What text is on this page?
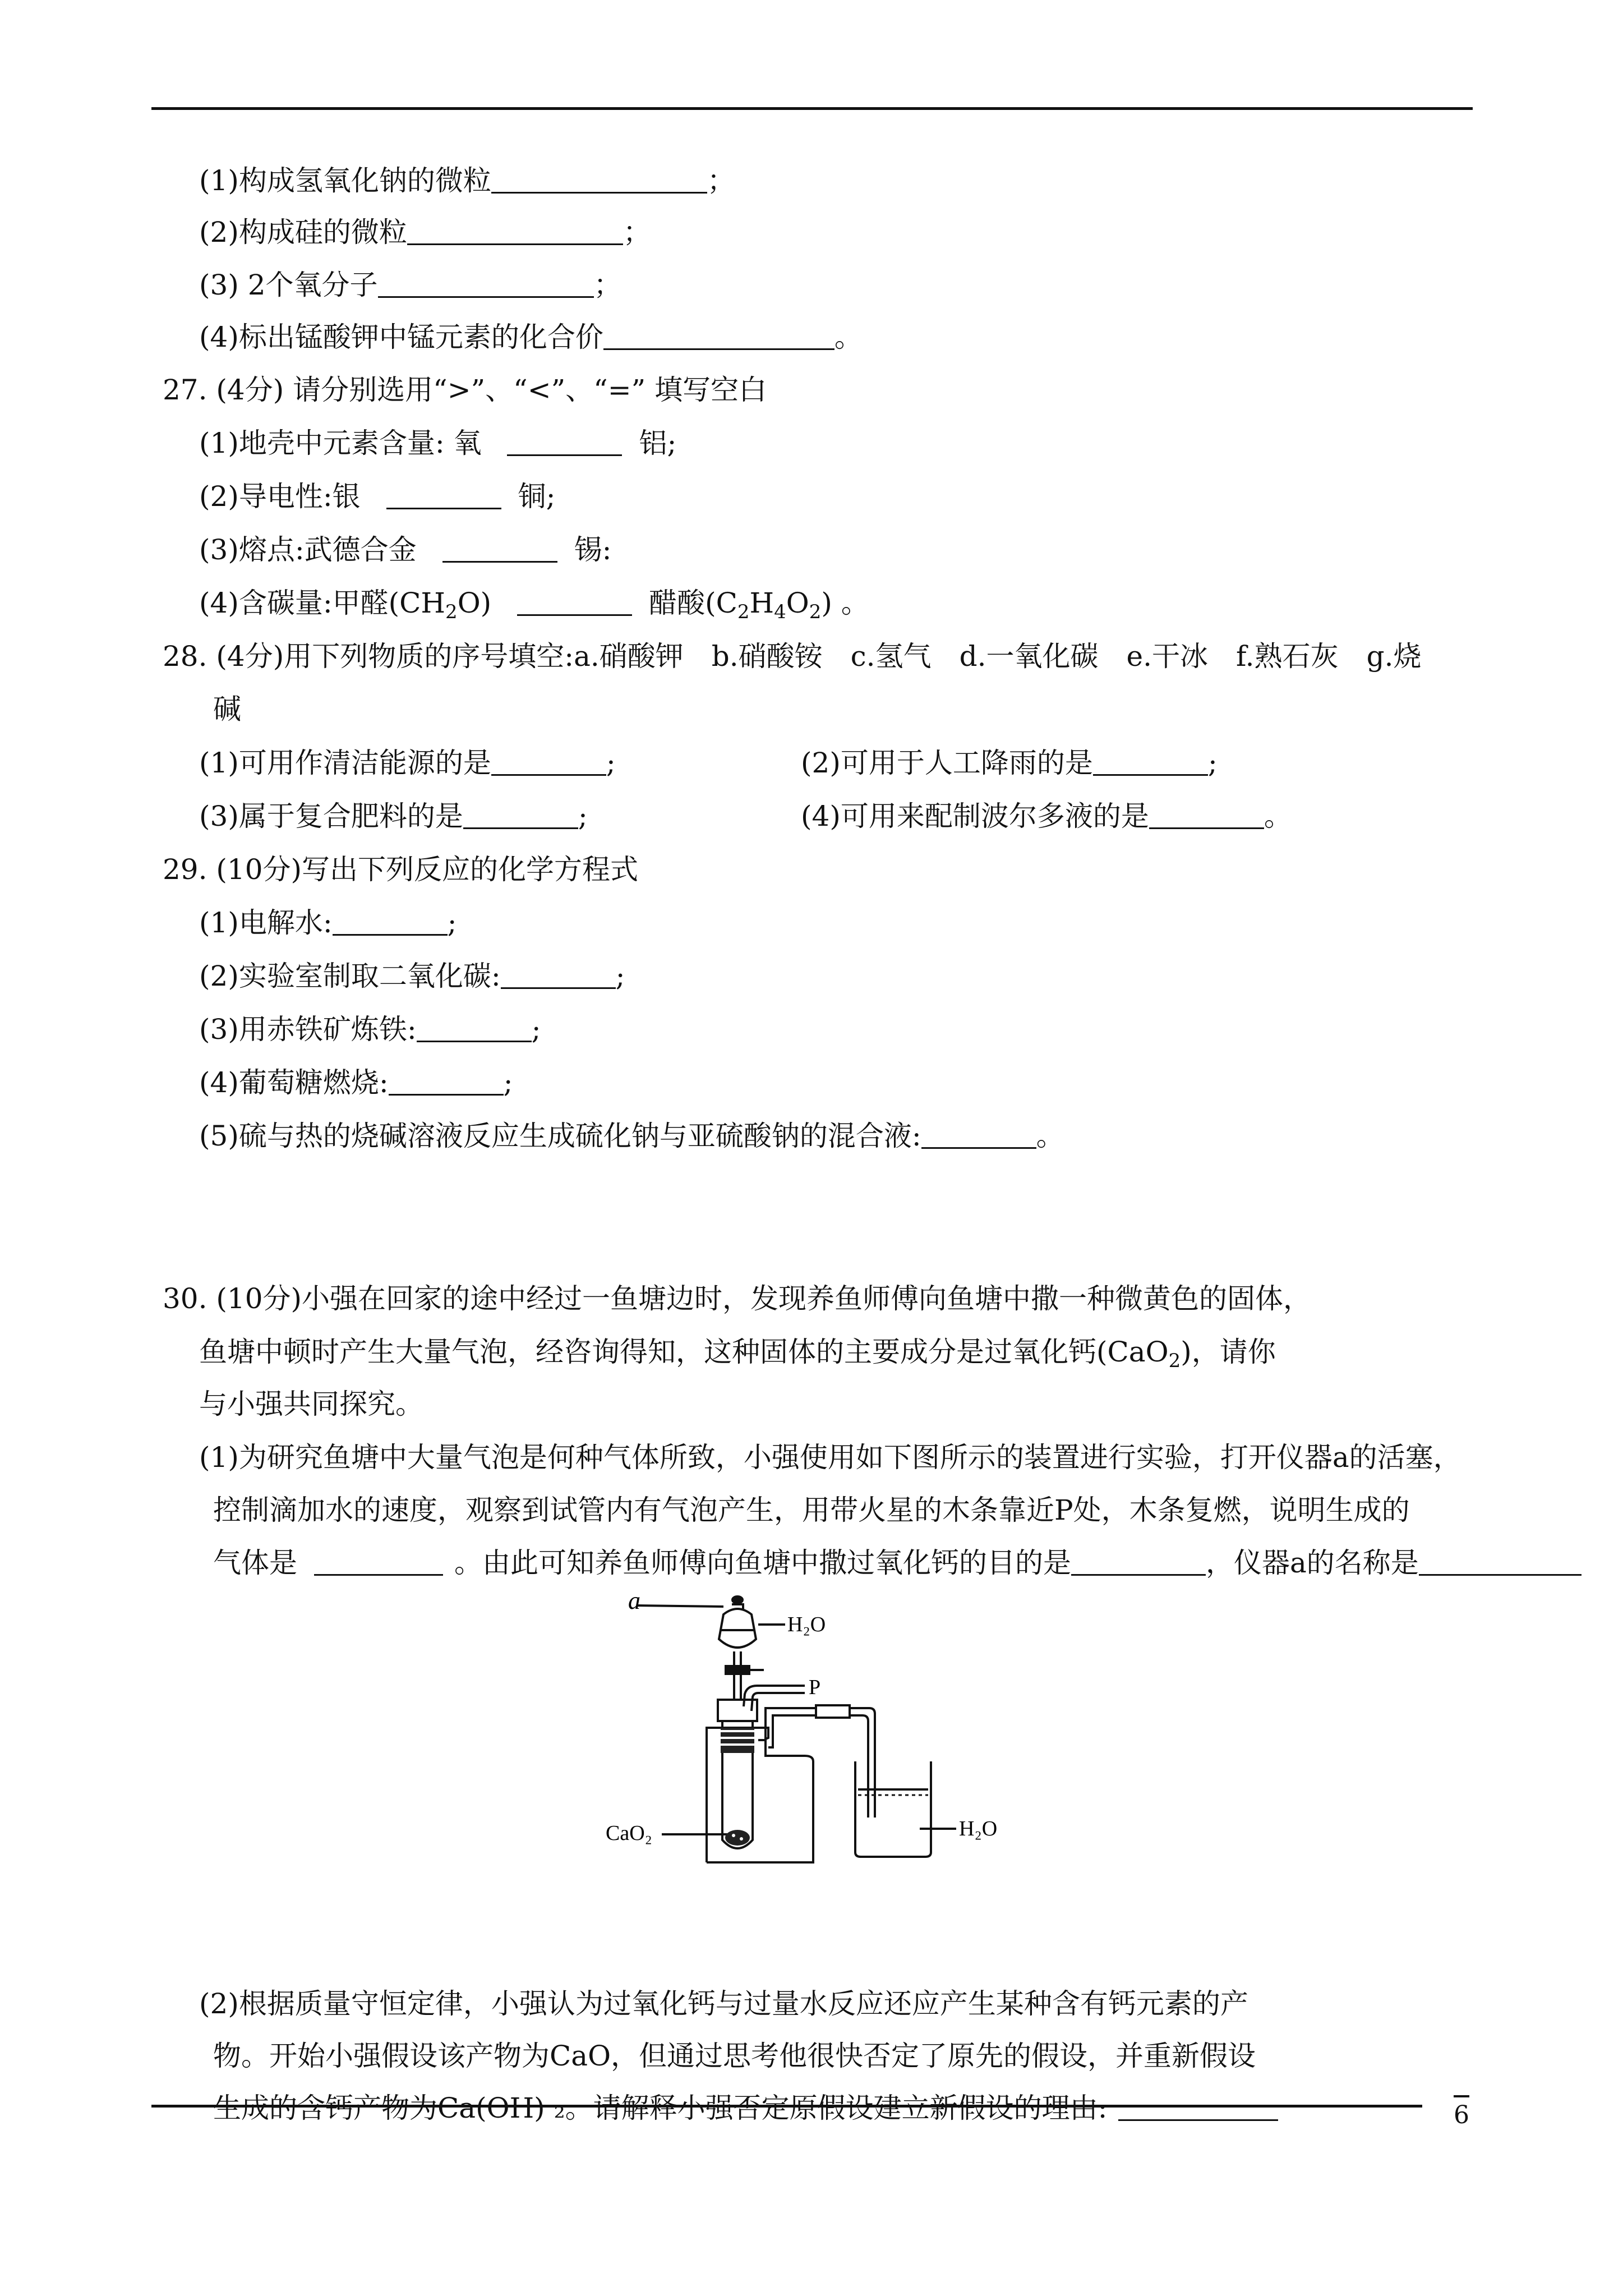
(1)构成氢氧化钠的微粒	；
(2)构成硅的微粒	；
(3) 2个氧分子	；
(4)标出锰酸钾中锰元素的化合价	。
27. (4分) 请分别选用“>”、“<”、“=” 填写空白
(1)地壳中元素含量: 氧	铝;
(2)导电性:银	铜;
(3)熔点:武德合金	锡:
(4)含碳量:甲醛$(CH_2O)$	醋酸$(C_2H_4O_2)$ 。
28. (4分)用下列物质的序号填空:a.硝酸钾　b.硝酸铵　c.氢气　d.一氧化碳　e.干冰　f.熟石灰　g.烧
碱
(1)可用作清洁能源的是	;	(2)可用于人工降雨的是	;
(3)属于复合肥料的是	;	(4)可用来配制波尔多液的是	。
29. (10分)写出下列反应的化学方程式
(1)电解水:	;
(2)实验室制取二氧化碳:	;
(3)用赤铁矿炼铁:	;
(4)葡萄糖燃烧:	;
(5)硫与热的烧碱溶液反应生成硫化钠与亚硫酸钠的混合液:	。
30. (10分)小强在回家的途中经过一鱼塘边时，发现养鱼师傅向鱼塘中撒一种微黄色的固体，
鱼塘中顿时产生大量气泡，经咨询得知，这种固体的主要成分是过氧化钙(CaO$_2$)，请你
与小强共同探究。
(1)为研究鱼塘中大量气泡是何种气体所致，小强使用如下图所示的装置进行实验，打开仪器a的活塞，
控制滴加水的速度，观察到试管内有气泡产生，用带火星的木条靠近P处，木条复燃，说明生成的
气体是	。由此可知养鱼师傅向鱼塘中撒过氧化钙的目的是	，仪器a的名称是
a
H₂O
P
CaO₂	H₂O
(2)根据质量守恒定律，小强认为过氧化钙与过量水反应还应产生某种含有钙元素的产
物。开始小强假设该产物为CaO，但通过思考他很快否定了原先的假设，并重新假设
生成的含钙产物为Ca(OH) ₂。请解释小强否定原假设建立新假设的理由:	6
